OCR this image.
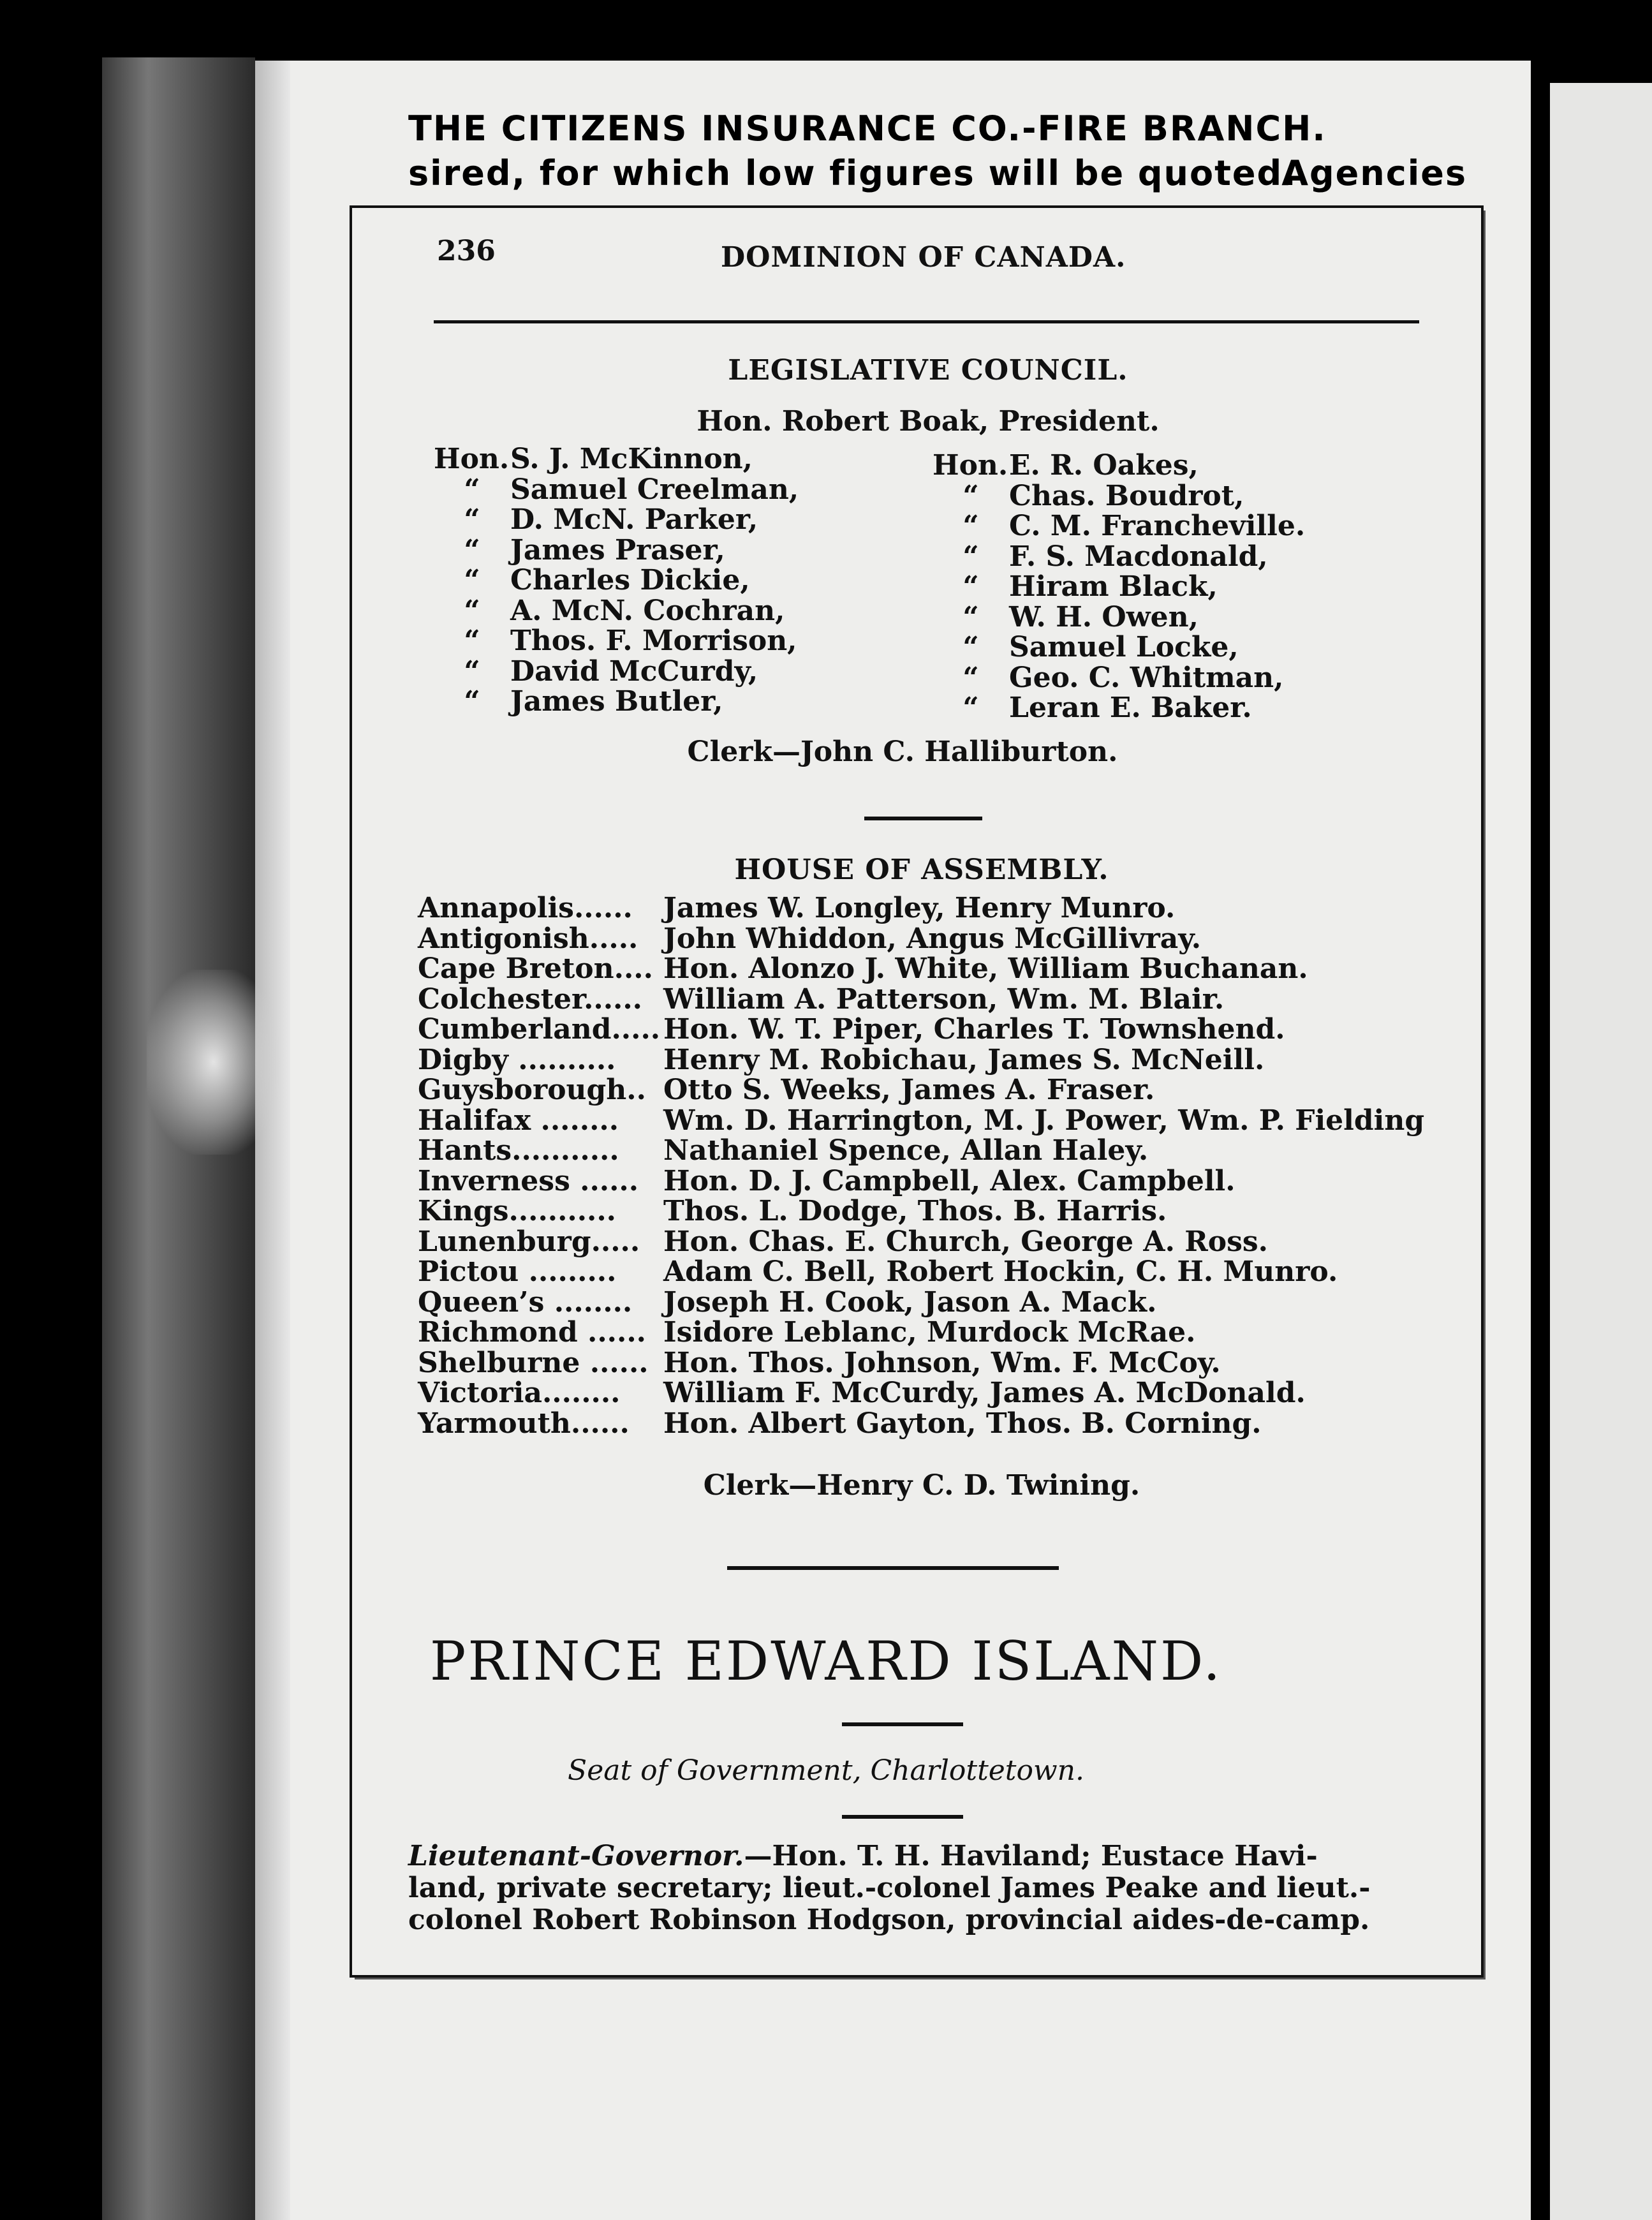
THE CITIZENS INSURANCE CO.-FIRE BRANCH.
sired, for which low figures will be quoted.
Agencies
236	DOMINION OF CANADA.
LEGISLATIVE COUNCIL.
Hon. Robert Boak, President.
Hon.S. J. McKinnon,
“ Samuel Creelman,
“ D. McN. Parker,
“ James Praser,
“ Charles Dickie,
“ A. McN. Cochran,
“ Thos. F. Morrison,
“ David McCurdy,
“ James Butler,
Hon.E. R. Oakes,
“ Chas. Boudrot,
“ C. M. Francheville.
“ F. S. Macdonald,
“ Hiram Black,
“ W. H. Owen,
“ Samuel Locke,
“ Geo. C. Whitman,
“ Leran E. Baker.
Clerk—John C. Halliburton.
HOUSE OF ASSEMBLY.
Annapolis...... James W. Longley, Henry Munro.
Antigonish..... John Whiddon, Angus McGillivray.
Cape Breton.... Hon. Alonzo J. White, William Buchanan.
Colchester...... William A. Patterson, Wm. M. Blair.
Cumberland..... Hon. W. T. Piper, Charles T. Townshend.
Digby .......... Henry M. Robichau, James S. McNeill.
Guysborough.. Otto S. Weeks, James A. Fraser.
Halifax ........ Wm. D. Harrington, M. J. Power, Wm. P. Fielding
Hants........... Nathaniel Spence, Allan Haley.
Inverness ...... Hon. D. J. Campbell, Alex. Campbell.
Kings........... Thos. L. Dodge, Thos. B. Harris.
Lunenburg..... Hon. Chas. E. Church, George A. Ross.
Pictou ......... Adam C. Bell, Robert Hockin, C. H. Munro.
Queen’s ........ Joseph H. Cook, Jason A. Mack.
Richmond ...... Isidore Leblanc, Murdock McRae.
Shelburne ...... Hon. Thos. Johnson, Wm. F. McCoy.
Victoria........ William F. McCurdy, James A. McDonald.
Yarmouth...... Hon. Albert Gayton, Thos. B. Corning.
Clerk—Henry C. D. Twining.
PRINCE EDWARD ISLAND.
Seat of Government, Charlottetown.

Lieutenant-Governor.—Hon. T. H. Haviland; Eustace Havi-

land, private secretary; lieut.-colonel James Peake and lieut.-

colonel Robert Robinson Hodgson, provincial aides-de-camp.
